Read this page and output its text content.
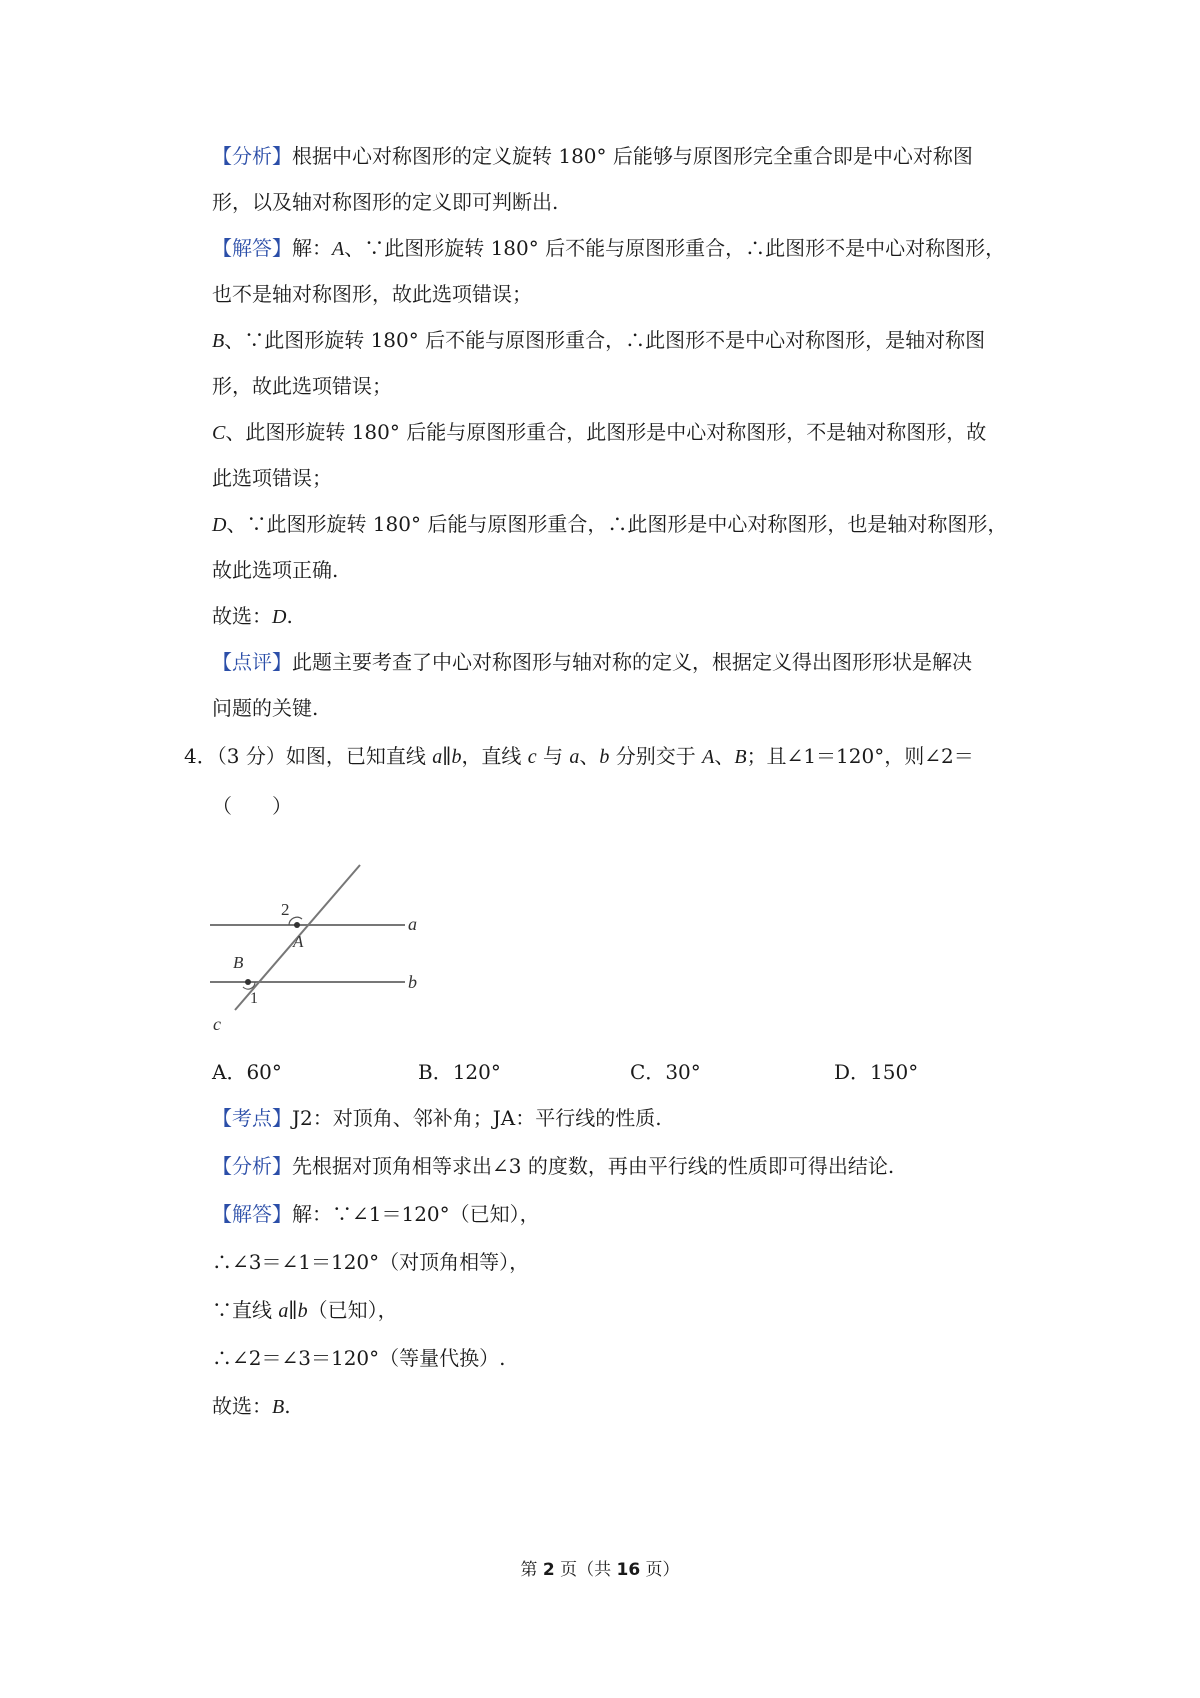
【分析】根据中心对称图形的定义旋转 180° 后能够与原图形完全重合即是中心对称图
形，以及轴对称图形的定义即可判断出.
【解答】解：A、∵此图形旋转 180° 后不能与原图形重合，∴此图形不是中心对称图形，
也不是轴对称图形，故此选项错误；
B、∵此图形旋转 180° 后不能与原图形重合，∴此图形不是中心对称图形，是轴对称图
形，故此选项错误；
C、此图形旋转 180° 后能与原图形重合，此图形是中心对称图形，不是轴对称图形，故
此选项错误；
D、∵此图形旋转 180° 后能与原图形重合，∴此图形是中心对称图形，也是轴对称图形，
故此选项正确.
故选：D.
【点评】此题主要考查了中心对称图形与轴对称的定义，根据定义得出图形形状是解决
问题的关键.
4．（3 分）如图，已知直线 a∥b，直线 c 与 a、b 分别交于 A、B；且∠1＝120°，则∠2＝
（　　）
2
A
a
B
b
1
c
A．60°	B．120°	C．30°	D．150°
【考点】J2：对顶角、邻补角；JA：平行线的性质.
【分析】先根据对顶角相等求出∠3 的度数，再由平行线的性质即可得出结论.
【解答】解：∵∠1＝120°（已知），
∴∠3＝∠1＝120°（对顶角相等），
∵直线 a∥b（已知），
∴∠2＝∠3＝120°（等量代换）.
故选：B.
第 2 页（共 16 页）
